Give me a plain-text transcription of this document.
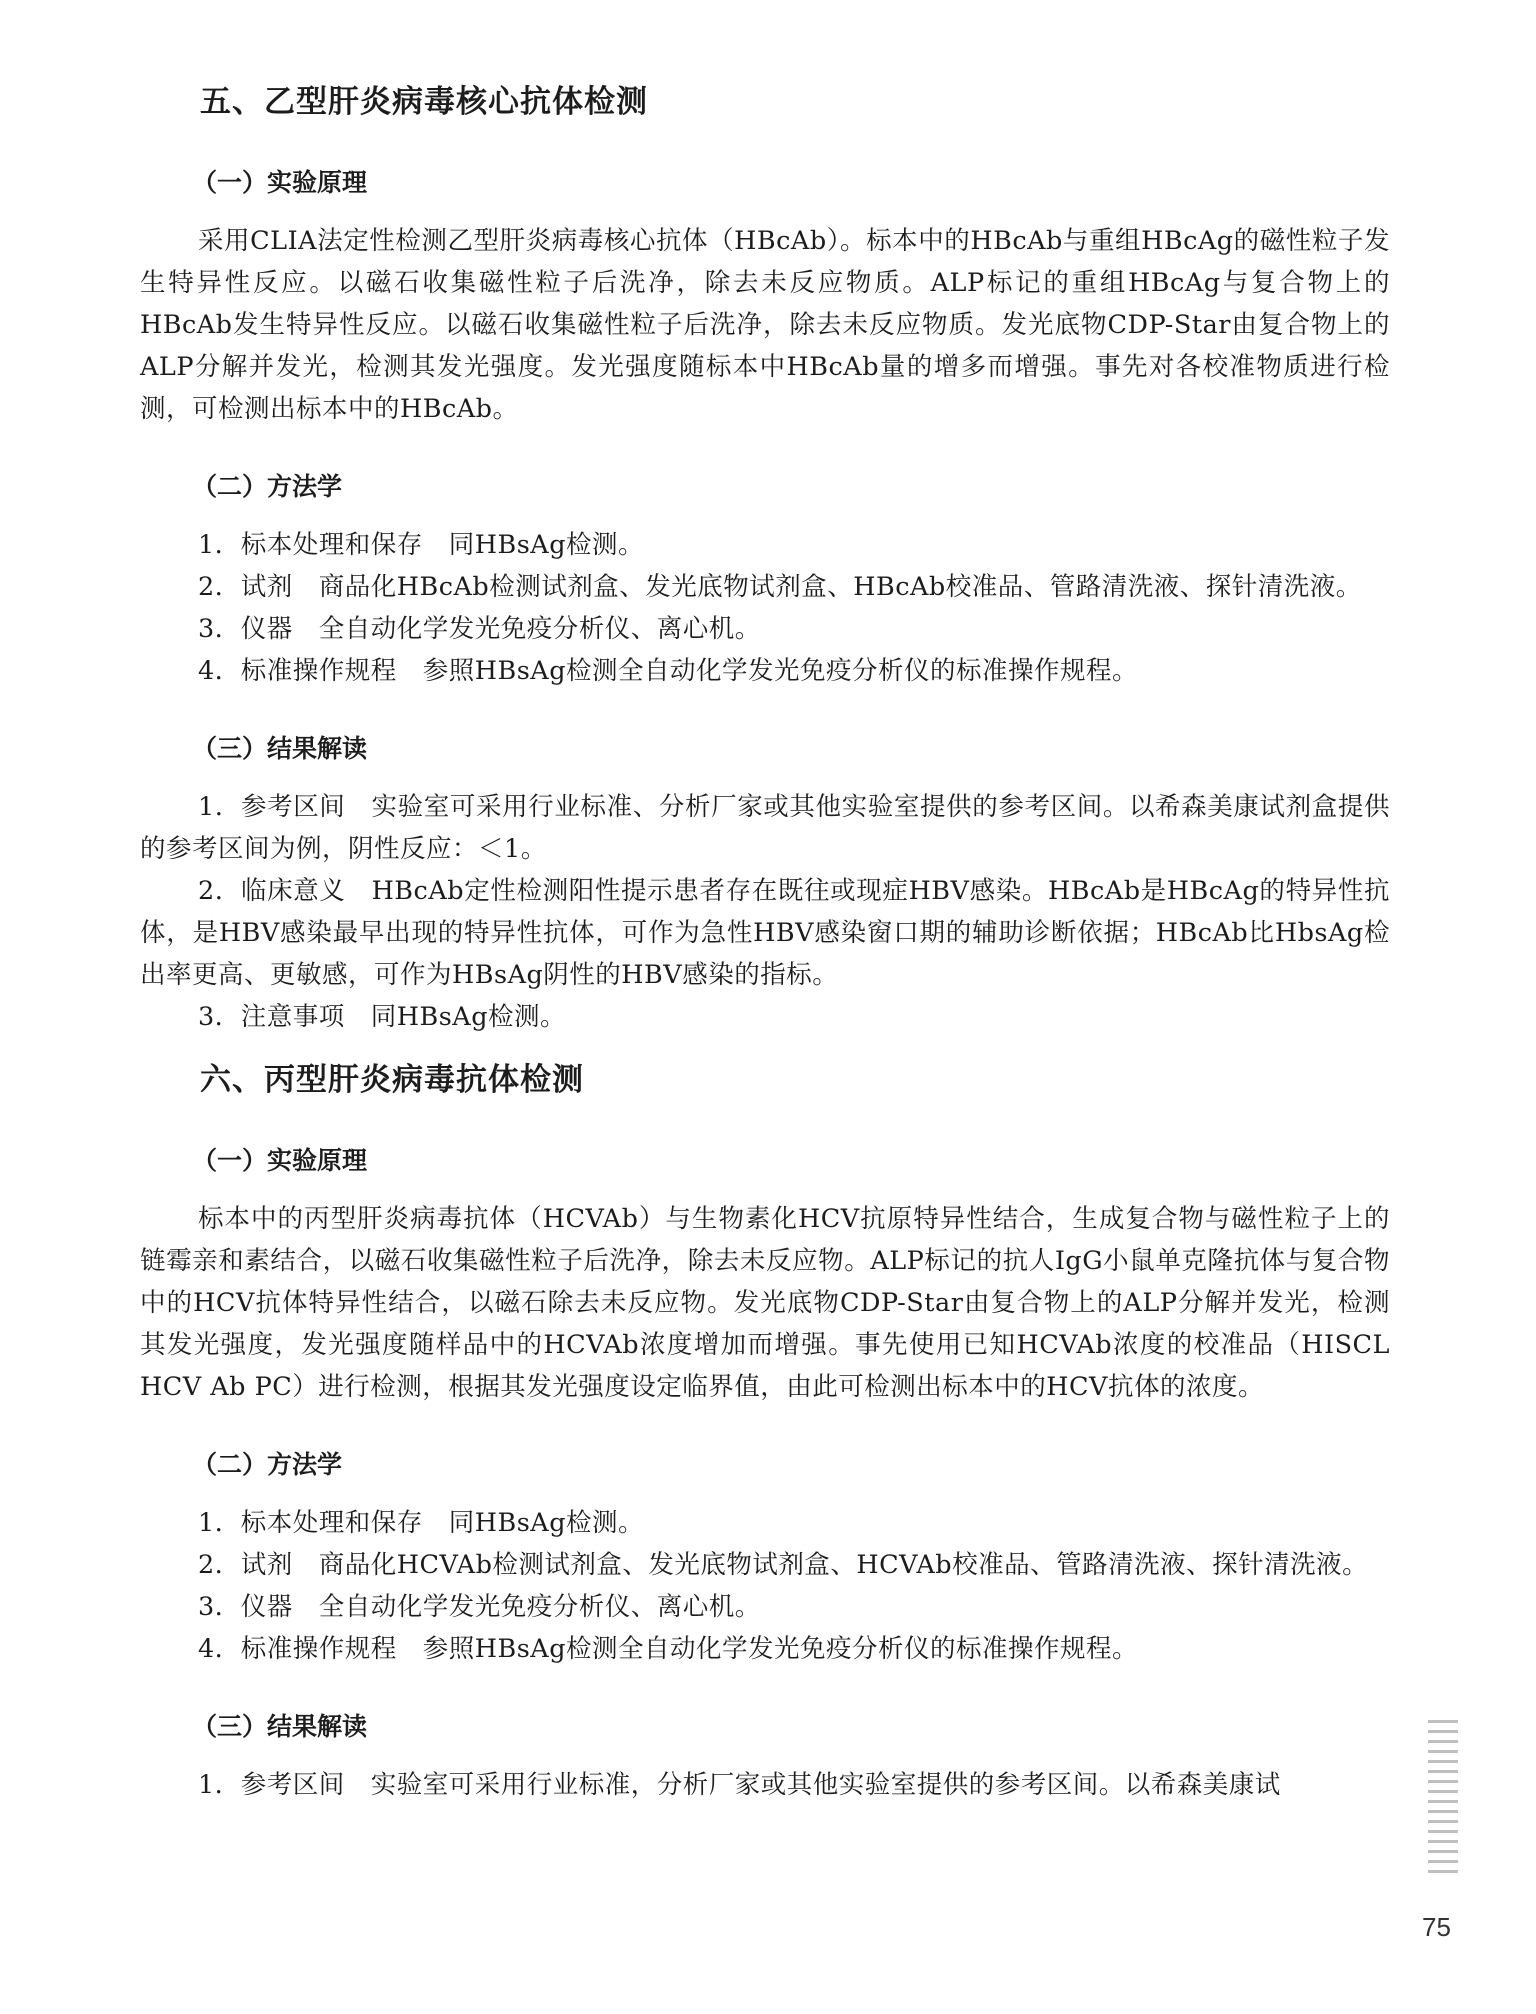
五、乙型肝炎病毒核心抗体检测
（一）实验原理

采用CLIA法定性检测乙型肝炎病毒核心抗体（HBcAb）。标本中的HBcAb与重组HBcAg的磁性粒子发生特异性反应。以磁石收集磁性粒子后洗净，除去未反应物质。ALP标记的重组HBcAg与复合物上的HBcAb发生特异性反应。以磁石收集磁性粒子后洗净，除去未反应物质。发光底物CDP-Star由复合物上的ALP分解并发光，检测其发光强度。发光强度随标本中HBcAb量的增多而增强。事先对各校准物质进行检测，可检测出标本中的HBcAb。

（二）方法学

1．标本处理和保存 同HBsAg检测。

2．试剂 商品化HBcAb检测试剂盒、发光底物试剂盒、HBcAb校准品、管路清洗液、探针清洗液。

3．仪器 全自动化学发光免疫分析仪、离心机。

4．标准操作规程 参照HBsAg检测全自动化学发光免疫分析仪的标准操作规程。

（三）结果解读

1．参考区间 实验室可采用行业标准、分析厂家或其他实验室提供的参考区间。以希森美康试剂盒提供的参考区间为例，阴性反应：＜1。

2．临床意义 HBcAb定性检测阳性提示患者存在既往或现症HBV感染。HBcAb是HBcAg的特异性抗体，是HBV感染最早出现的特异性抗体，可作为急性HBV感染窗口期的辅助诊断依据；HBcAb比HbsAg检出率更高、更敏感，可作为HBsAg阴性的HBV感染的指标。

3．注意事项 同HBsAg检测。

六、丙型肝炎病毒抗体检测
（一）实验原理

标本中的丙型肝炎病毒抗体（HCVAb）与生物素化HCV抗原特异性结合，生成复合物与磁性粒子上的链霉亲和素结合，以磁石收集磁性粒子后洗净，除去未反应物。ALP标记的抗人IgG小鼠单克隆抗体与复合物中的HCV抗体特异性结合，以磁石除去未反应物。发光底物CDP-Star由复合物上的ALP分解并发光，检测其发光强度，发光强度随样品中的HCVAb浓度增加而增强。事先使用已知HCVAb浓度的校准品（HISCL HCV Ab PC）进行检测，根据其发光强度设定临界值，由此可检测出标本中的HCV抗体的浓度。

（二）方法学

1．标本处理和保存 同HBsAg检测。

2．试剂 商品化HCVAb检测试剂盒、发光底物试剂盒、HCVAb校准品、管路清洗液、探针清洗液。

3．仪器 全自动化学发光免疫分析仪、离心机。

4．标准操作规程 参照HBsAg检测全自动化学发光免疫分析仪的标准操作规程。

（三）结果解读

1．参考区间 实验室可采用行业标准，分析厂家或其他实验室提供的参考区间。以希森美康试

75
